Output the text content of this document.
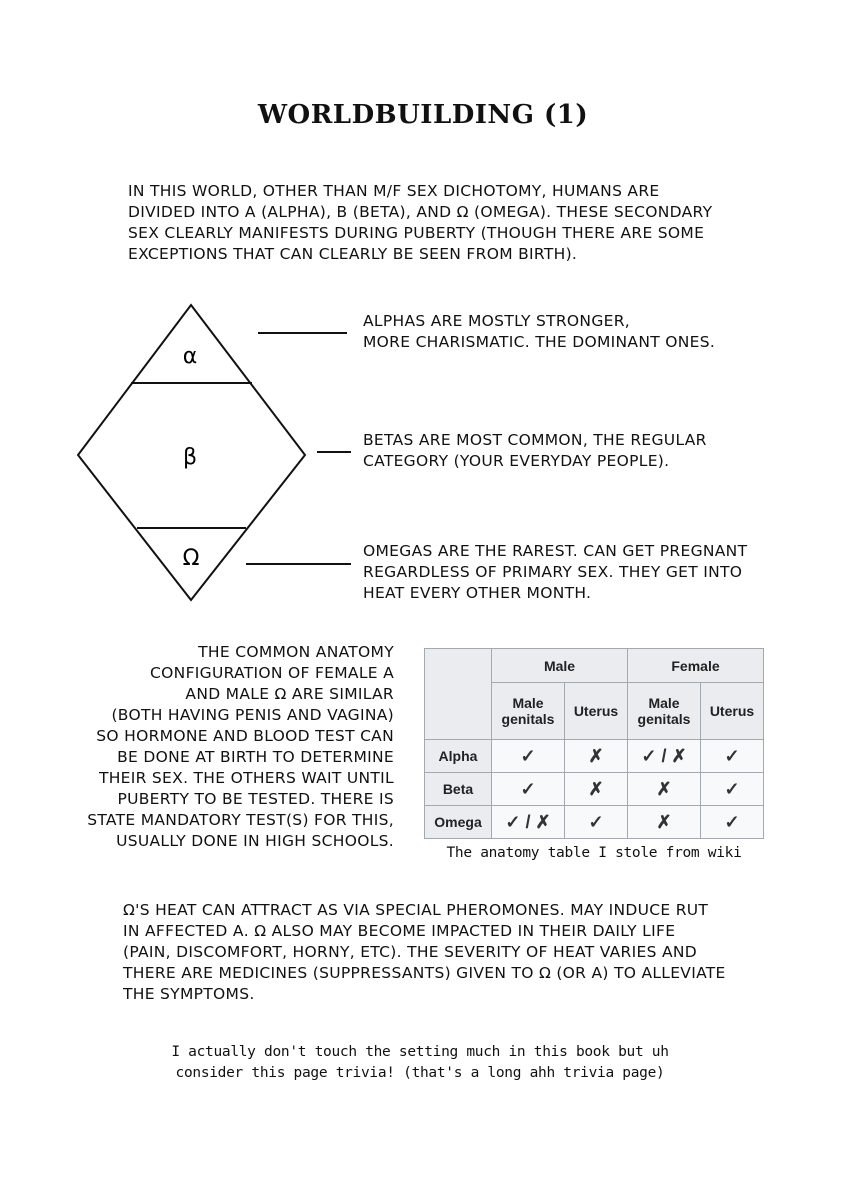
WORLDBUILDING (1)
IN THIS WORLD, OTHER THAN M/F SEX DICHOTOMY, HUMANS ARE
DIVIDED INTO Α (ALPHA), Β (BETA), AND Ω (OMEGA). THESE SECONDARY
SEX CLEARLY MANIFESTS DURING PUBERTY (THOUGH THERE ARE SOME
EXCEPTIONS THAT CAN CLEARLY BE SEEN FROM BIRTH).
α
β
Ω
ALPHAS ARE MOSTLY STRONGER,
MORE CHARISMATIC. THE DOMINANT ONES.
BETAS ARE MOST COMMON, THE REGULAR
CATEGORY (YOUR EVERYDAY PEOPLE).
OMEGAS ARE THE RAREST. CAN GET PREGNANT
REGARDLESS OF PRIMARY SEX. THEY GET INTO
HEAT EVERY OTHER MONTH.
THE COMMON ANATOMY
CONFIGURATION OF FEMALE Α
AND MALE Ω ARE SIMILAR
(BOTH HAVING PENIS AND VAGINA)
SO HORMONE AND BLOOD TEST CAN
BE DONE AT BIRTH TO DETERMINE
THEIR SEX. THE OTHERS WAIT UNTIL
PUBERTY TO BE TESTED. THERE IS
STATE MANDATORY TEST(S) FOR THIS,
USUALLY DONE IN HIGH SCHOOLS.
	Male		Female	
	Male genitals	Uterus	Male genitals	Uterus
Alpha	✓	✗	✓ / ✗	✓
Beta	✓	✗	✗	✓
Omega	✓ / ✗	✓	✗	✓
The anatomy table I stole from wiki
Ω'S HEAT CAN ATTRACT ΑS VIA SPECIAL PHEROMONES. MAY INDUCE RUT
IN AFFECTED Α. Ω ALSO MAY BECOME IMPACTED IN THEIR DAILY LIFE
(PAIN, DISCOMFORT, HORNY, ETC). THE SEVERITY OF HEAT VARIES AND
THERE ARE MEDICINES (SUPPRESSANTS) GIVEN TO Ω (OR Α) TO ALLEVIATE
THE SYMPTOMS.
I actually don't touch the setting much in this book but uh
consider this page trivia! (that's a long ahh trivia page)
